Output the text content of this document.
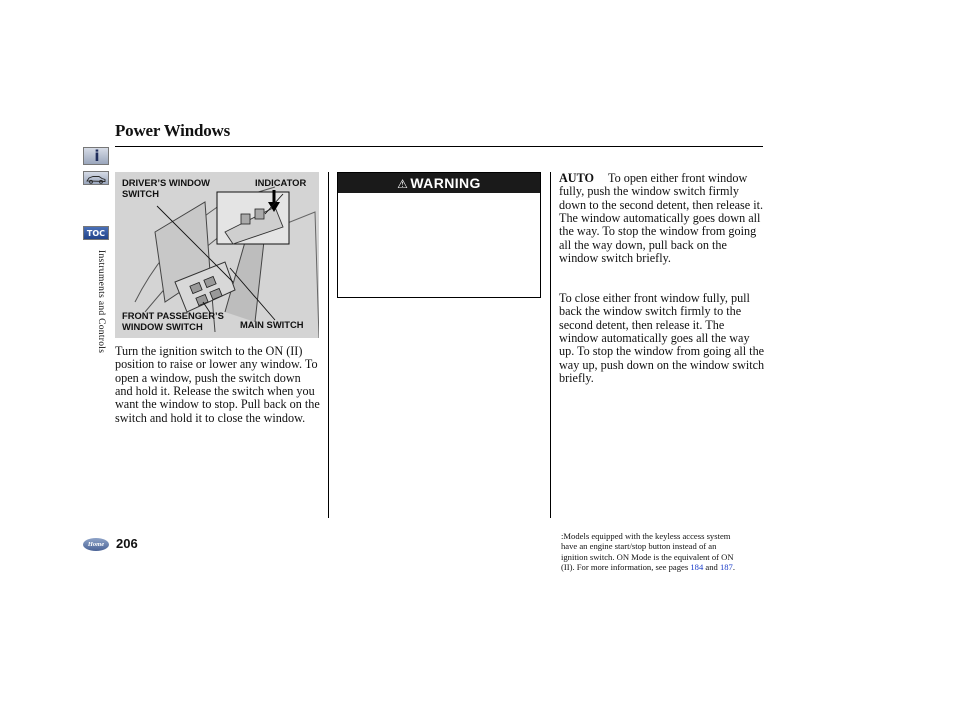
Power Windows
i
TOC
Instruments and Controls
DRIVER’S WINDOW
SWITCH
INDICATOR
FRONT PASSENGER’S
WINDOW SWITCH	MAIN SWITCH
Turn the ignition switch to the ON (II) position to raise or lower any window. To open a window, push the switch down and hold it. Release the switch when you want the window to stop. Pull back on the switch and hold it to close the window.
⚠ WARNING	AUTO To open either front window fully, push the window switch firmly down to the second detent, then release it. The window automatically goes down all the way. To stop the window from going all the way down, pull back on the window switch briefly.
To close either front window fully, pull back the window switch firmly to the second detent, then release it. The window automatically goes all the way up. To stop the window from going all the way up, push down on the window switch briefly.
Home 206	:Models equipped with the keyless access system have an engine start/stop button instead of an ignition switch. ON Mode is the equivalent of ON (II). For more information, see pages 184 and 187.
